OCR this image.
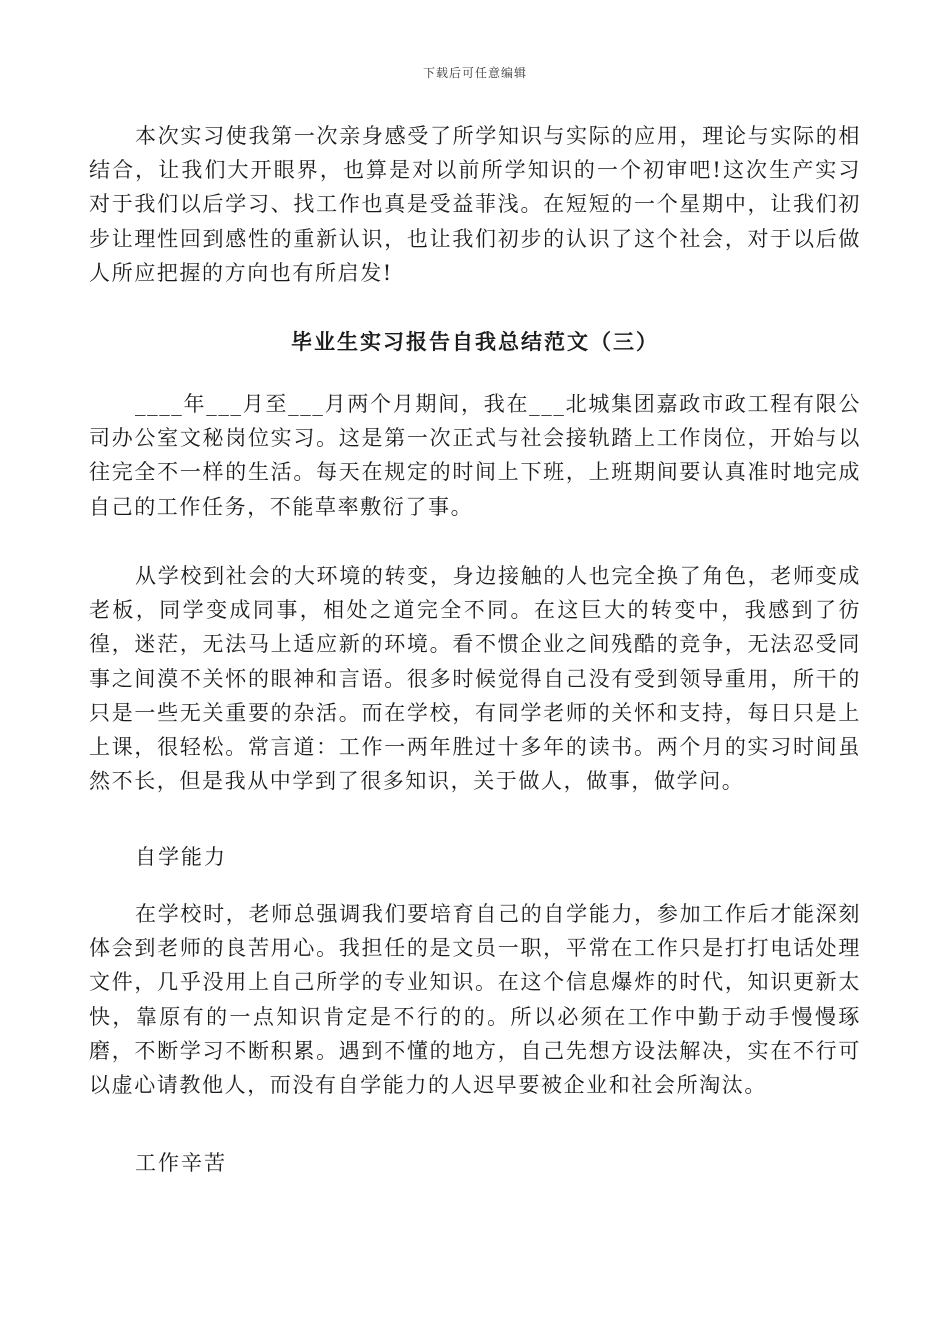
下载后可任意编辑

本次实习使我第一次亲身感受了所学知识与实际的应用，理论与实际的相结合，让我们大开眼界，也算是对以前所学知识的一个初审吧!这次生产实习对于我们以后学习、找工作也真是受益菲浅。在短短的一个星期中，让我们初步让理性回到感性的重新认识，也让我们初步的认识了这个社会，对于以后做人所应把握的方向也有所启发!

毕业生实习报告自我总结范文（三）

____年___月至___月两个月期间，我在___北城集团嘉政市政工程有限公司办公室文秘岗位实习。这是第一次正式与社会接轨踏上工作岗位，开始与以往完全不一样的生活。每天在规定的时间上下班，上班期间要认真准时地完成自己的工作任务，不能草率敷衍了事。

从学校到社会的大环境的转变，身边接触的人也完全换了角色，老师变成老板，同学变成同事，相处之道完全不同。在这巨大的转变中，我感到了彷徨，迷茫，无法马上适应新的环境。看不惯企业之间残酷的竞争，无法忍受同事之间漠不关怀的眼神和言语。很多时候觉得自己没有受到领导重用，所干的只是一些无关重要的杂活。而在学校，有同学老师的关怀和支持，每日只是上上课，很轻松。常言道：工作一两年胜过十多年的读书。两个月的实习时间虽然不长，但是我从中学到了很多知识，关于做人，做事，做学问。

自学能力

在学校时，老师总强调我们要培育自己的自学能力，参加工作后才能深刻体会到老师的良苦用心。我担任的是文员一职，平常在工作只是打打电话处理文件，几乎没用上自己所学的专业知识。在这个信息爆炸的时代，知识更新太快，靠原有的一点知识肯定是不行的的。所以必须在工作中勤于动手慢慢琢磨，不断学习不断积累。遇到不懂的地方，自己先想方设法解决，实在不行可以虚心请教他人，而没有自学能力的人迟早要被企业和社会所淘汰。

工作辛苦
